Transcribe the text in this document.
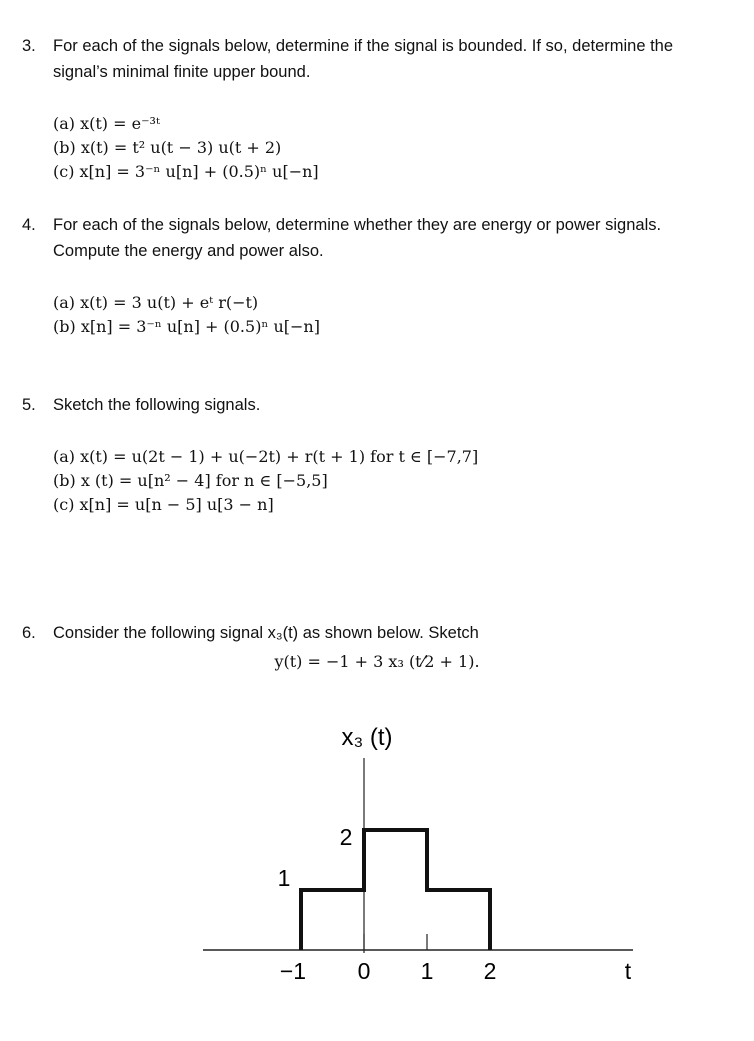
3.	For each of the signals below, determine if the signal is bounded. If so, determine the
signal’s minimal finite upper bound.
(a) x(t) = e⁻³ᵗ
(b) x(t) = t² u(t − 3) u(t + 2)
(c) x[n] = 3⁻ⁿ u[n] + (0.5)ⁿ u[−n]
4.	For each of the signals below, determine whether they are energy or power signals.
Compute the energy and power also.
(a) x(t) = 3 u(t) + eᵗ r(−t)
(b) x[n] = 3⁻ⁿ u[n] + (0.5)ⁿ u[−n]
5.	Sketch the following signals.
(a) x(t) = u(2t − 1) + u(−2t) + r(t + 1) for t ∈ [−7,7]
(b) x (t) = u[n² − 4] for n ∈ [−5,5]
(c) x[n] = u[n − 5] u[3 − n]
6.	Consider the following signal x₃(t) as shown below. Sketch
y(t) = −1 + 3 x₃ (t⁄2 + 1).
x₃ (t)
−1 0 1 2
2
1
t
